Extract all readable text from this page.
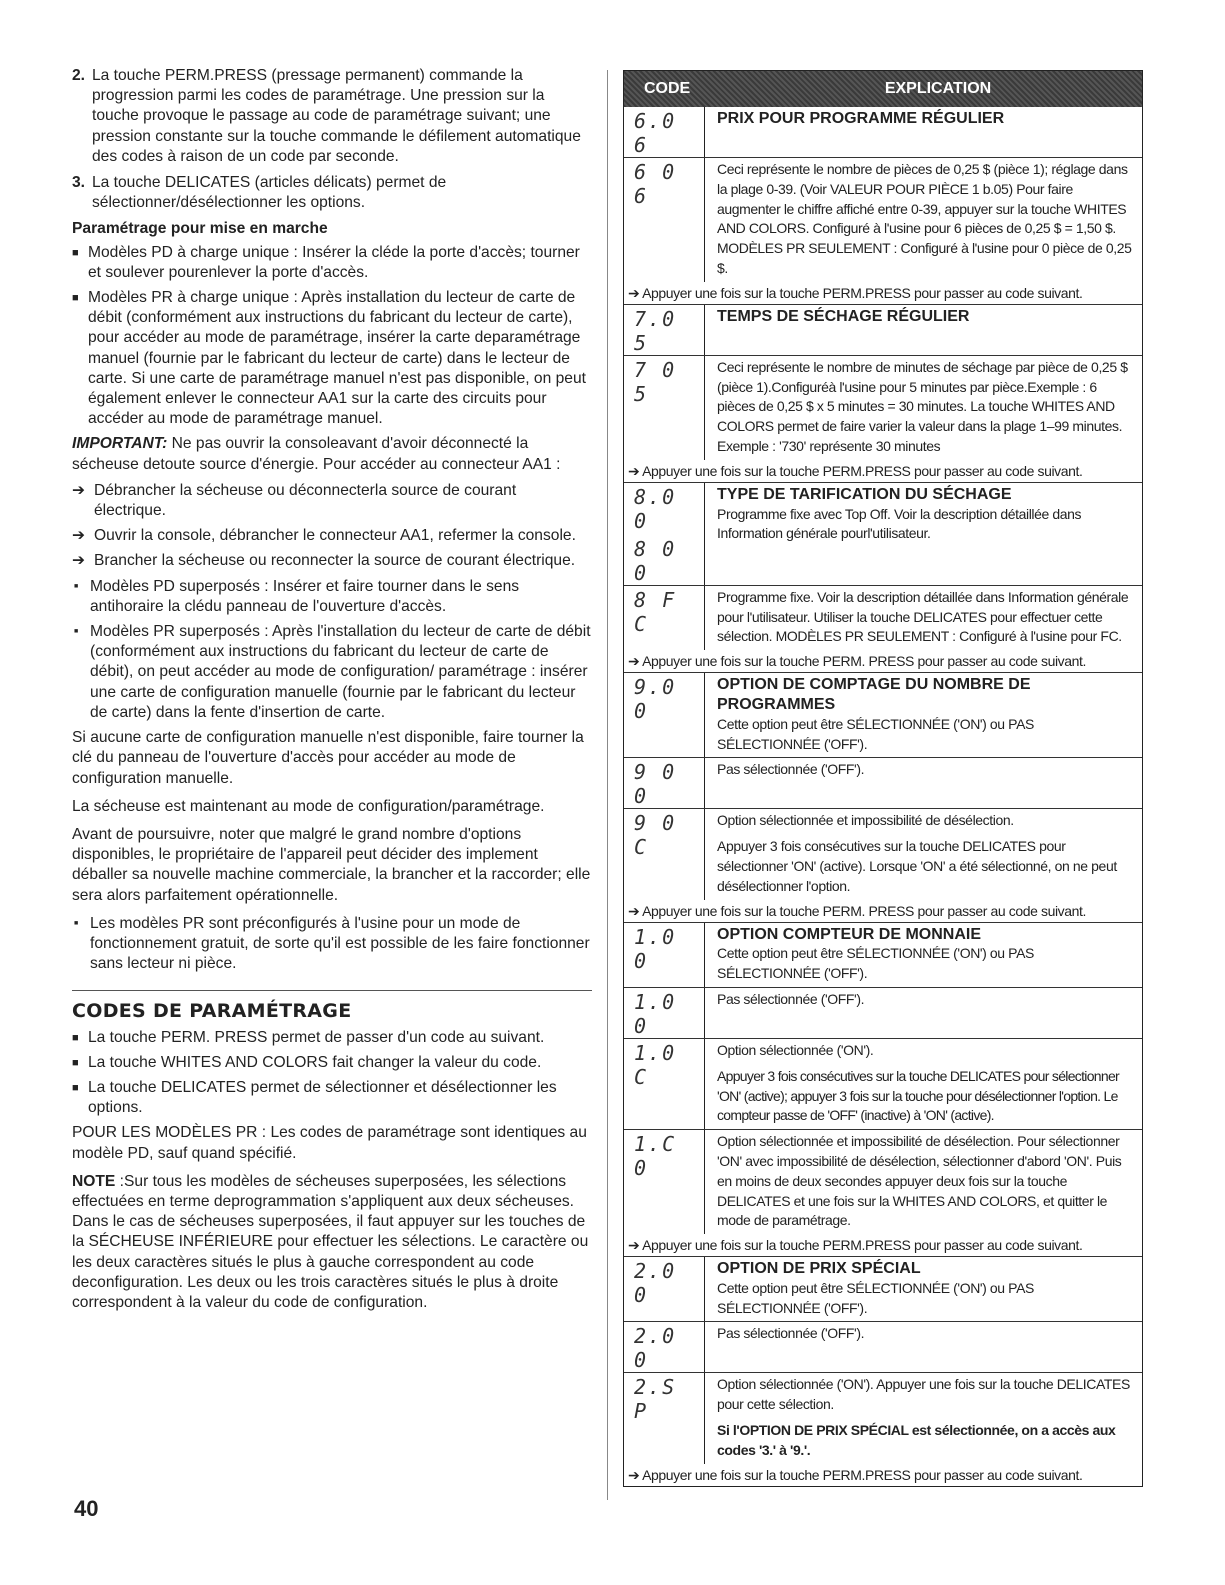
2. La touche PERM.PRESS (pressage permanent) commande la progression parmi les codes de paramétrage. Une pression sur la touche provoque le passage au code de paramétrage suivant; une pression constante sur la touche commande le défilement automatique des codes à raison de un code par seconde.
3. La touche DELICATES (articles délicats) permet de sélectionner/désélectionner les options.
Paramétrage pour mise en marche
■ Modèles PD à charge unique : Insérer la cléde la porte d'accès; tourner et soulever pourenlever la porte d'accès.
■ Modèles PR à charge unique : Après installation du lecteur de carte de débit (conformément aux instructions du fabricant du lecteur de carte), pour accéder au mode de paramétrage, insérer la carte deparamétrage manuel (fournie par le fabricant du lecteur de carte) dans le lecteur de carte. Si une carte de paramétrage manuel n'est pas disponible, on peut également enlever le connecteur AA1 sur la carte des circuits pour accéder au mode de paramétrage manuel.
IMPORTANT: Ne pas ouvrir la consoleavant d'avoir déconnecté la sécheuse detoute source d'énergie. Pour accéder au connecteur AA1 :
➔ Débrancher la sécheuse ou déconnecterla source de courant électrique.
➔ Ouvrir la console, débrancher le connecteur AA1, refermer la console.
➔ Brancher la sécheuse ou reconnecter la source de courant électrique.
■ Modèles PD superposés : Insérer et faire tourner dans le sens antihoraire la clédu panneau de l'ouverture d'accès.
■ Modèles PR superposés : Après l'installation du lecteur de carte de débit (conformément aux instructions du fabricant du lecteur de carte de débit), on peut accéder au mode de configuration/ paramétrage : insérer une carte de configuration manuelle (fournie par le fabricant du lecteur de carte) dans la fente d'insertion de carte.

Si aucune carte de configuration manuelle n'est disponible, faire tourner la clé du panneau de l'ouverture d'accès pour accéder au mode de configuration manuelle.

La sécheuse est maintenant au mode de configuration/paramétrage.

Avant de poursuivre, noter que malgré le grand nombre d'options disponibles, le propriétaire de l'appareil peut décider des implement déballer sa nouvelle machine commerciale, la brancher et la raccorder; elle sera alors parfaitement opérationnelle.

■ Les modèles PR sont préconfigurés à l'usine pour un mode de fonctionnement gratuit, de sorte qu'il est possible de les faire fonctionner sans lecteur ni pièce.
CODES DE PARAMÉTRAGE
■ La touche PERM. PRESS permet de passer d'un code au suivant.
■ La touche WHITES AND COLORS fait changer la valeur du code.
■ La touche DELICATES permet de sélectionner et désélectionner les options.

POUR LES MODÈLES PR : Les codes de paramétrage sont identiques au modèle PD, sauf quand spécifié.

NOTE :Sur tous les modèles de sécheuses superposées, les sélections effectuées en terme deprogrammation s'appliquent aux deux sécheuses. Dans le cas de sécheuses superposées, il faut appuyer sur les touches de la SÉCHEUSE INFÉRIEURE pour effectuer les sélections. Le caractère ou les deux caractères situés le plus à gauche correspondent au code deconfiguration. Les deux ou les trois caractères situés le plus à droite correspondent à la valeur du code de configuration.

40
CODE	EXPLICATION
6.0 6
PRIX POUR PROGRAMME RÉGULIER
6 0 6
Ceci représente le nombre de pièces de 0,25 $ (pièce 1); réglage dans la plage 0-39. (Voir VALEUR POUR PIÈCE 1 b.05) Pour faire augmenter le chiffre affiché entre 0-39, appuyer sur la touche WHITES AND COLORS. Configuré à l'usine pour 6 pièces de 0,25 $ = 1,50 $. MODÈLES PR SEULEMENT : Configuré à l'usine pour 0 pièce de 0,25 $.
➔ Appuyer une fois sur la touche PERM.PRESS pour passer au code suivant.
7.0 5
TEMPS DE SÉCHAGE RÉGULIER
7 0 5
Ceci représente le nombre de minutes de séchage par pièce de 0,25 $ (pièce 1).Configuréà l'usine pour 5 minutes par pièce.Exemple : 6 pièces de 0,25 $ x 5 minutes = 30 minutes. La touche WHITES AND COLORS permet de faire varier la valeur dans la plage 1–99 minutes. Exemple : '730' représente 30 minutes
➔ Appuyer une fois sur la touche PERM.PRESS pour passer au code suivant.
8.0 0
8 0 0
TYPE DE TARIFICATION DU SÉCHAGE
Programme fixe avec Top Off. Voir la description détaillée dans Information générale pourl'utilisateur.
8 F C
Programme fixe. Voir la description détaillée dans Information générale pour l'utilisateur. Utiliser la touche DELICATES pour effectuer cette sélection. MODÈLES PR SEULEMENT : Configuré à l'usine pour FC.
➔ Appuyer une fois sur la touche PERM. PRESS pour passer au code suivant.
9.0 0
OPTION DE COMPTAGE DU NOMBRE DE PROGRAMMES
Cette option peut être SÉLECTIONNÉE ('ON') ou PAS SÉLECTIONNÉE ('OFF').
9 0 0
Pas sélectionnée ('OFF').
9 0 C
Option sélectionnée et impossibilité de désélection.
Appuyer 3 fois consécutives sur la touche DELICATES pour sélectionner 'ON' (active). Lorsque 'ON' a été sélectionné, on ne peut désélectionner l'option.
➔ Appuyer une fois sur la touche PERM. PRESS pour passer au code suivant.
1.0 0
OPTION COMPTEUR DE MONNAIE
Cette option peut être SÉLECTIONNÉE ('ON') ou PAS SÉLECTIONNÉE ('OFF').
1.0 0
Pas sélectionnée ('OFF').
1.0 C
Option sélectionnée ('ON').
Appuyer 3 fois consécutives sur la touche DELICATES pour sélectionner 'ON' (active); appuyer 3 fois sur la touche pour désélectionner l'option. Le compteur passe de 'OFF' (inactive) à 'ON' (active).
1.C 0
Option sélectionnée et impossibilité de désélection. Pour sélectionner 'ON' avec impossibilité de désélection, sélectionner d'abord 'ON'. Puis en moins de deux secondes appuyer deux fois sur la touche DELICATES et une fois sur la WHITES AND COLORS, et quitter le mode de paramétrage.
➔ Appuyer une fois sur la touche PERM.PRESS pour passer au code suivant.
2.0 0
OPTION DE PRIX SPÉCIAL
Cette option peut être SÉLECTIONNÉE ('ON') ou PAS SÉLECTIONNÉE ('OFF').
2.0 0
Pas sélectionnée ('OFF').
2.S P
Option sélectionnée ('ON'). Appuyer une fois sur la touche DELICATES pour cette sélection.
Si l'OPTION DE PRIX SPÉCIAL est sélectionnée, on a accès aux codes '3.' à '9.'.
➔ Appuyer une fois sur la touche PERM.PRESS pour passer au code suivant.
